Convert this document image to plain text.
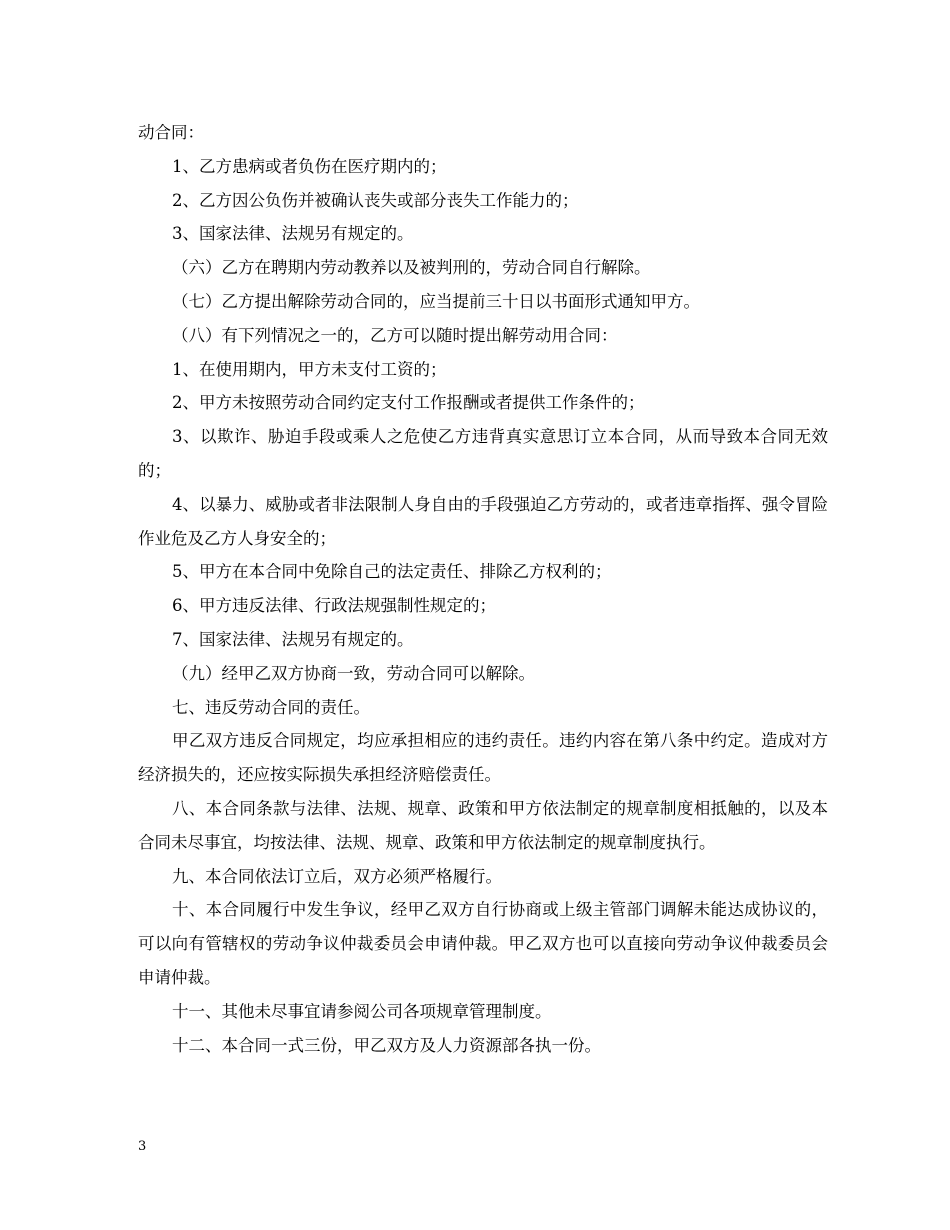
动合同：

1、乙方患病或者负伤在医疗期内的；

2、乙方因公负伤并被确认丧失或部分丧失工作能力的；

3、国家法律、法规另有规定的。

（六）乙方在聘期内劳动教养以及被判刑的，劳动合同自行解除。

（七）乙方提出解除劳动合同的，应当提前三十日以书面形式通知甲方。

（八）有下列情况之一的，乙方可以随时提出解劳动用合同：

1、在使用期内，甲方未支付工资的；

2、甲方未按照劳动合同约定支付工作报酬或者提供工作条件的；

3、以欺诈、胁迫手段或乘人之危使乙方违背真实意思订立本合同，从而导致本合同无效的；

4、以暴力、威胁或者非法限制人身自由的手段强迫乙方劳动的，或者违章指挥、强令冒险作业危及乙方人身安全的；

5、甲方在本合同中免除自己的法定责任、排除乙方权利的；

6、甲方违反法律、行政法规强制性规定的；

7、国家法律、法规另有规定的。

（九）经甲乙双方协商一致，劳动合同可以解除。

七、违反劳动合同的责任。

甲乙双方违反合同规定，均应承担相应的违约责任。违约内容在第八条中约定。造成对方经济损失的，还应按实际损失承担经济赔偿责任。

八、本合同条款与法律、法规、规章、政策和甲方依法制定的规章制度相抵触的，以及本合同未尽事宜，均按法律、法规、规章、政策和甲方依法制定的规章制度执行。

九、本合同依法订立后，双方必须严格履行。

十、本合同履行中发生争议，经甲乙双方自行协商或上级主管部门调解未能达成协议的，可以向有管辖权的劳动争议仲裁委员会申请仲裁。甲乙双方也可以直接向劳动争议仲裁委员会申请仲裁。

十一、其他未尽事宜请参阅公司各项规章管理制度。

十二、本合同一式三份，甲乙双方及人力资源部各执一份。

3
